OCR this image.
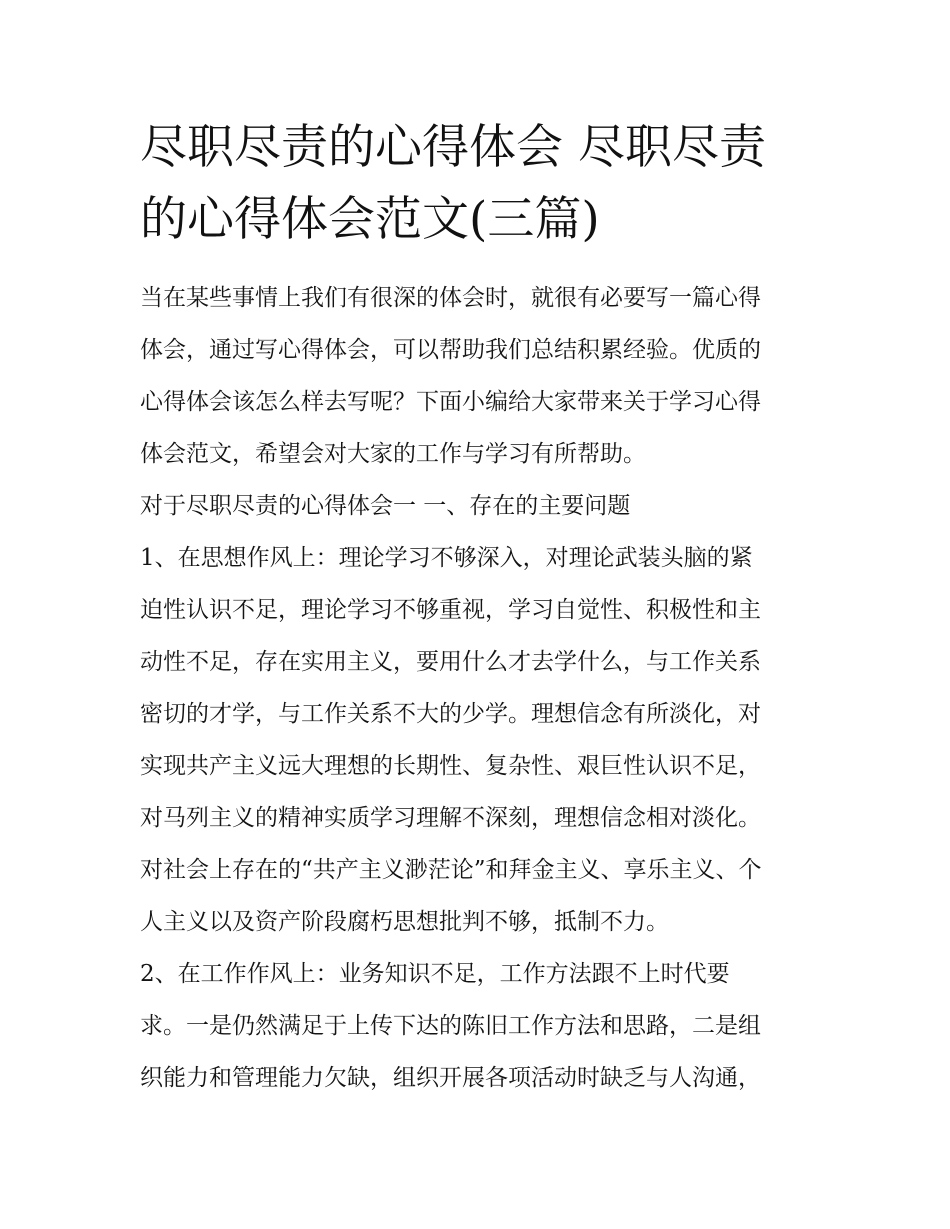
尽职尽责的心得体会 尽职尽责
的心得体会范文(三篇)
当在某些事情上我们有很深的体会时，就很有必要写一篇心得
体会，通过写心得体会，可以帮助我们总结积累经验。优质的
心得体会该怎么样去写呢？下面小编给大家带来关于学习心得
体会范文，希望会对大家的工作与学习有所帮助。
对于尽职尽责的心得体会一 一、存在的主要问题
1、在思想作风上：理论学习不够深入，对理论武装头脑的紧
迫性认识不足，理论学习不够重视，学习自觉性、积极性和主
动性不足，存在实用主义，要用什么才去学什么，与工作关系
密切的才学，与工作关系不大的少学。理想信念有所淡化，对
实现共产主义远大理想的长期性、复杂性、艰巨性认识不足，
对马列主义的精神实质学习理解不深刻，理想信念相对淡化。
对社会上存在的“共产主义渺茫论”和拜金主义、享乐主义、个
人主义以及资产阶段腐朽思想批判不够，抵制不力。
2、在工作作风上：业务知识不足，工作方法跟不上时代要
求。一是仍然满足于上传下达的陈旧工作方法和思路，二是组
织能力和管理能力欠缺，组织开展各项活动时缺乏与人沟通，
